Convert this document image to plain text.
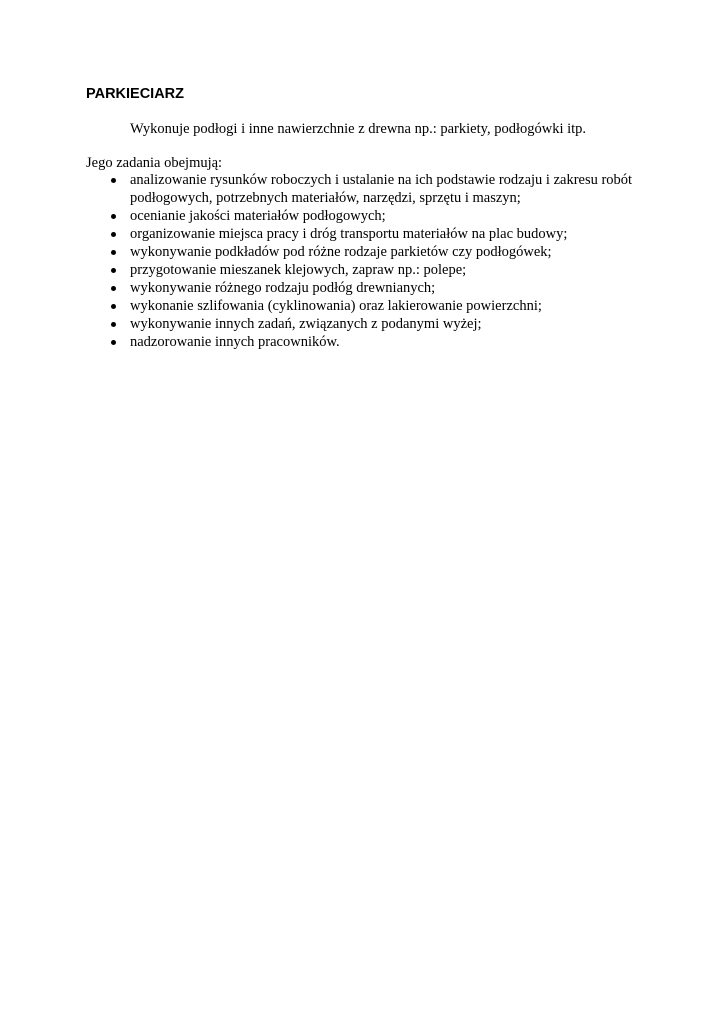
PARKIECIARZ

Wykonuje podłogi i inne nawierzchnie z drewna np.: parkiety, podłogówki itp.

Jego zadania obejmują:

analizowanie rysunków roboczych i ustalanie na ich podstawie rodzaju i zakresu robót podłogowych, potrzebnych materiałów, narzędzi, sprzętu i maszyn;
ocenianie jakości materiałów podłogowych;
organizowanie miejsca pracy i dróg transportu materiałów na plac budowy;
wykonywanie podkładów pod różne rodzaje parkietów czy podłogówek;
przygotowanie mieszanek klejowych, zapraw np.: polepe;
wykonywanie różnego rodzaju podłóg drewnianych;
wykonanie szlifowania (cyklinowania) oraz lakierowanie powierzchni;
wykonywanie innych zadań, związanych z podanymi wyżej;
nadzorowanie innych pracowników.
